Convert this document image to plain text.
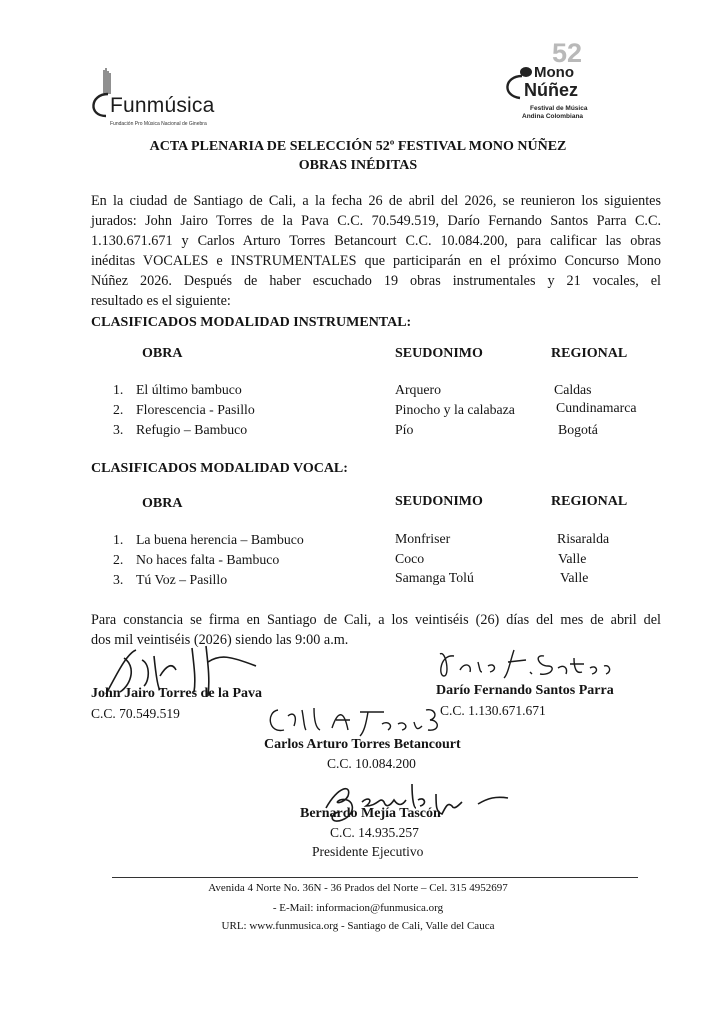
Funmúsica
Fundación Pro Música Nacional de Ginebra
52
Mono
Núñez
Festival de Música
Andina Colombiana
ACTA PLENARIA DE SELECCIÓN 52º FESTIVAL MONO NÚÑEZ
OBRAS INÉDITAS
En la ciudad de Santiago de Cali, a la fecha 26 de abril del 2026, se reunieron los siguientes
jurados: John Jairo Torres de la Pava C.C. 70.549.519, Darío Fernando Santos Parra C.C.
1.130.671.671 y Carlos Arturo Torres Betancourt C.C. 10.084.200, para calificar las obras
inéditas VOCALES e INSTRUMENTALES que participarán en el próximo Concurso Mono
Núñez 2026. Después de haber escuchado 19 obras instrumentales y 21 vocales, el
resultado es el siguiente:
CLASIFICADOS MODALIDAD INSTRUMENTAL:
OBRA	SEUDONIMO	REGIONAL
1. El último bambuco	Arquero	Caldas
2. Florescencia - Pasillo	Pinocho y la calabaza	Cundinamarca
3. Refugio – Bambuco	Pío	Bogotá
CLASIFICADOS MODALIDAD VOCAL:
OBRA	SEUDONIMO	REGIONAL
1. La buena herencia – Bambuco	Monfriser	Risaralda
2. No haces falta - Bambuco	Coco	Valle
3. Tú Voz – Pasillo	Samanga Tolú	Valle
Para constancia se firma en Santiago de Cali, a los veintiséis (26) días del mes de abril del
dos mil veintiséis (2026) siendo las 9:00 a.m.
John Jairo Torres de la Pava
C.C. 70.549.519
Darío Fernando Santos Parra
C.C. 1.130.671.671
Carlos Arturo Torres Betancourt
C.C. 10.084.200
Bernardo Mejía Tascón
C.C. 14.935.257
Presidente Ejecutivo
Avenida 4 Norte No. 36N - 36 Prados del Norte – Cel. 315 4952697
- E-Mail: informacion@funmusica.org
URL: www.funmusica.org - Santiago de Cali, Valle del Cauca
